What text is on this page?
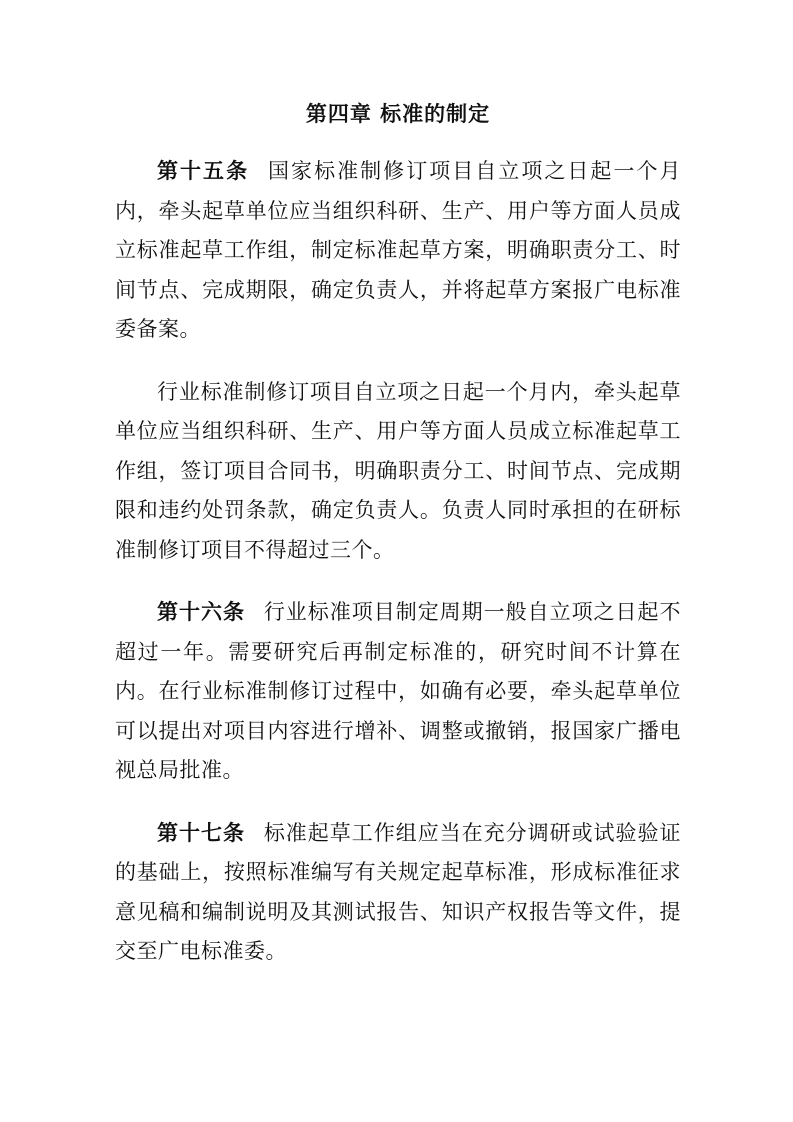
第四章 标准的制定

第十五条 国家标准制修订项目自立项之日起一个月内，牵头起草单位应当组织科研、生产、用户等方面人员成立标准起草工作组，制定标准起草方案，明确职责分工、时间节点、完成期限，确定负责人，并将起草方案报广电标准委备案。

行业标准制修订项目自立项之日起一个月内，牵头起草单位应当组织科研、生产、用户等方面人员成立标准起草工作组，签订项目合同书，明确职责分工、时间节点、完成期限和违约处罚条款，确定负责人。负责人同时承担的在研标准制修订项目不得超过三个。

第十六条 行业标准项目制定周期一般自立项之日起不超过一年。需要研究后再制定标准的，研究时间不计算在内。在行业标准制修订过程中，如确有必要，牵头起草单位可以提出对项目内容进行增补、调整或撤销，报国家广播电视总局批准。

第十七条 标准起草工作组应当在充分调研或试验验证的基础上，按照标准编写有关规定起草标准，形成标准征求意见稿和编制说明及其测试报告、知识产权报告等文件，提交至广电标准委。
